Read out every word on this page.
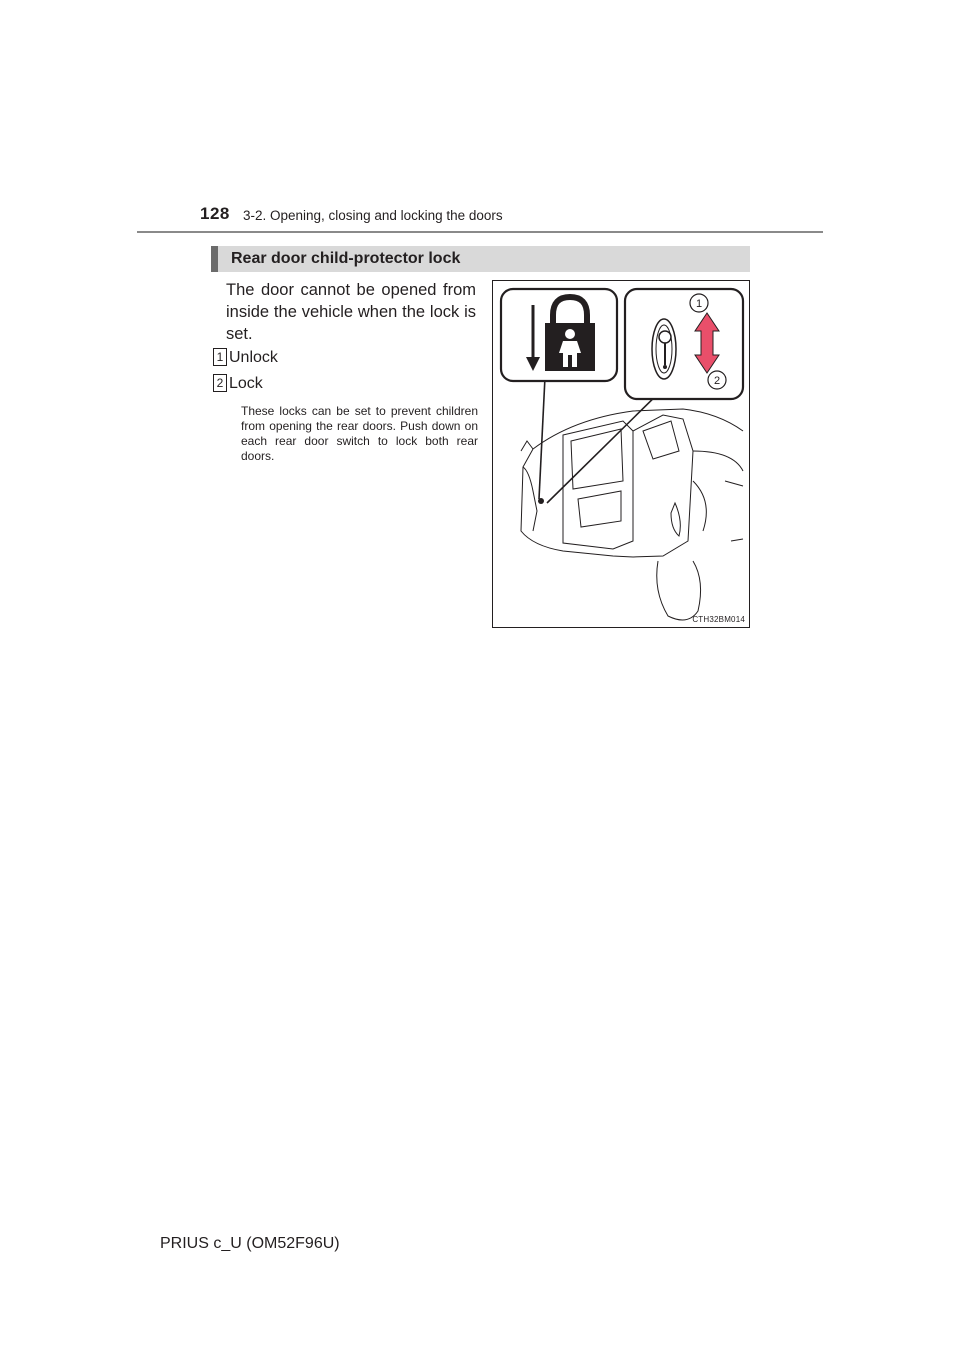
128 3-2. Opening, closing and locking the doors
Rear door child-protector lock
The door cannot be opened from inside the vehicle when the lock is set.
1 Unlock
2 Lock
These locks can be set to prevent children from opening the rear doors. Push down on each rear door switch to lock both rear doors.
1
2
CTH32BM014
PRIUS c_U (OM52F96U)
